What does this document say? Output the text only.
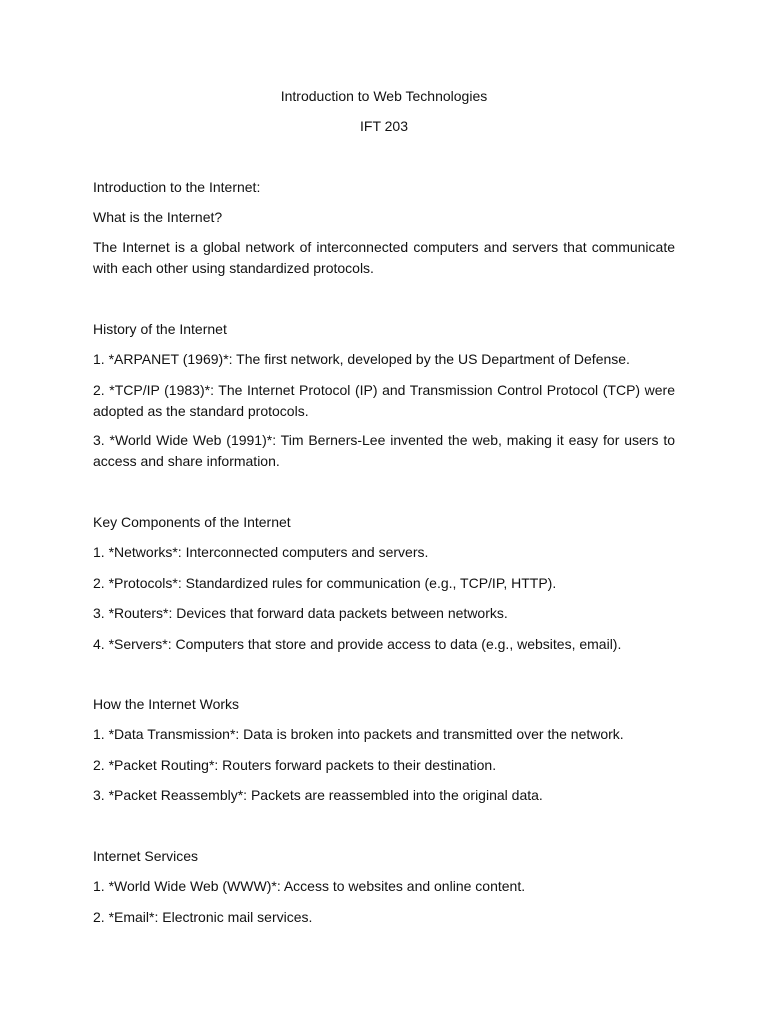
Introduction to Web Technologies
IFT 203
Introduction to the Internet:
What is the Internet?
The Internet is a global network of interconnected computers and servers that communicate with each other using standardized protocols.
History of the Internet
1. *ARPANET (1969)*: The first network, developed by the US Department of Defense.
2. *TCP/IP (1983)*: The Internet Protocol (IP) and Transmission Control Protocol (TCP) were adopted as the standard protocols.
3. *World Wide Web (1991)*: Tim Berners-Lee invented the web, making it easy for users to access and share information.
Key Components of the Internet
1. *Networks*: Interconnected computers and servers.
2. *Protocols*: Standardized rules for communication (e.g., TCP/IP, HTTP).
3. *Routers*: Devices that forward data packets between networks.
4. *Servers*: Computers that store and provide access to data (e.g., websites, email).
How the Internet Works
1. *Data Transmission*: Data is broken into packets and transmitted over the network.
2. *Packet Routing*: Routers forward packets to their destination.
3. *Packet Reassembly*: Packets are reassembled into the original data.
Internet Services
1. *World Wide Web (WWW)*: Access to websites and online content.
2. *Email*: Electronic mail services.
